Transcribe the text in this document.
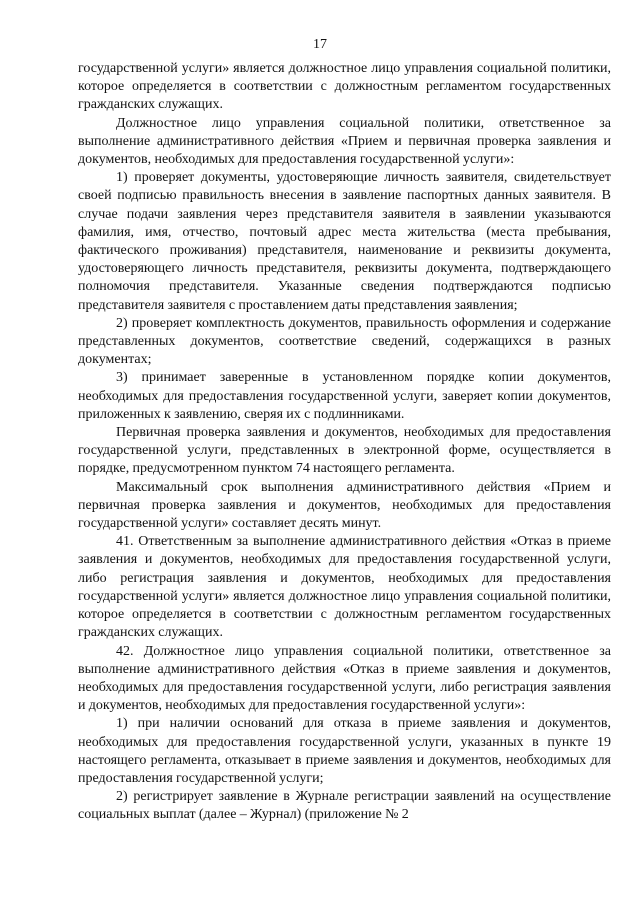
17

государственной услуги» является должностное лицо управления социальной политики, которое определяется в соответствии с должностным регламентом государственных гражданских служащих.

Должностное лицо управления социальной политики, ответственное за выполнение административного действия «Прием и первичная проверка заявления и документов, необходимых для предоставления государственной услуги»:

1) проверяет документы, удостоверяющие личность заявителя, свидетельствует своей подписью правильность внесения в заявление паспортных данных заявителя. В случае подачи заявления через представителя заявителя в заявлении указываются фамилия, имя, отчество, почтовый адрес места жительства (места пребывания, фактического проживания) представителя, наименование и реквизиты документа, удостоверяющего личность представителя, реквизиты документа, подтверждающего полномочия представителя. Указанные сведения подтверждаются подписью представителя заявителя с проставлением даты представления заявления;

2) проверяет комплектность документов, правильность оформления и содержание представленных документов, соответствие сведений, содержащихся в разных документах;

3) принимает заверенные в установленном порядке копии документов, необходимых для предоставления государственной услуги, заверяет копии документов, приложенных к заявлению, сверяя их с подлинниками.

Первичная проверка заявления и документов, необходимых для предоставления государственной услуги, представленных в электронной форме, осуществляется в порядке, предусмотренном пунктом 74 настоящего регламента.

Максимальный срок выполнения административного действия «Прием и первичная проверка заявления и документов, необходимых для предоставления государственной услуги» составляет десять минут.

41. Ответственным за выполнение административного действия «Отказ в приеме заявления и документов, необходимых для предоставления государственной услуги, либо регистрация заявления и документов, необходимых для предоставления государственной услуги» является должностное лицо управления социальной политики, которое определяется в соответствии с должностным регламентом государственных гражданских служащих.

42. Должностное лицо управления социальной политики, ответственное за выполнение административного действия «Отказ в приеме заявления и документов, необходимых для предоставления государственной услуги, либо регистрация заявления и документов, необходимых для предоставления государственной услуги»:

1) при наличии оснований для отказа в приеме заявления и документов, необходимых для предоставления государственной услуги, указанных в пункте 19 настоящего регламента, отказывает в приеме заявления и документов, необходимых для предоставления государственной услуги;

2) регистрирует заявление в Журнале регистрации заявлений на осуществление социальных выплат (далее – Журнал) (приложение № 2
